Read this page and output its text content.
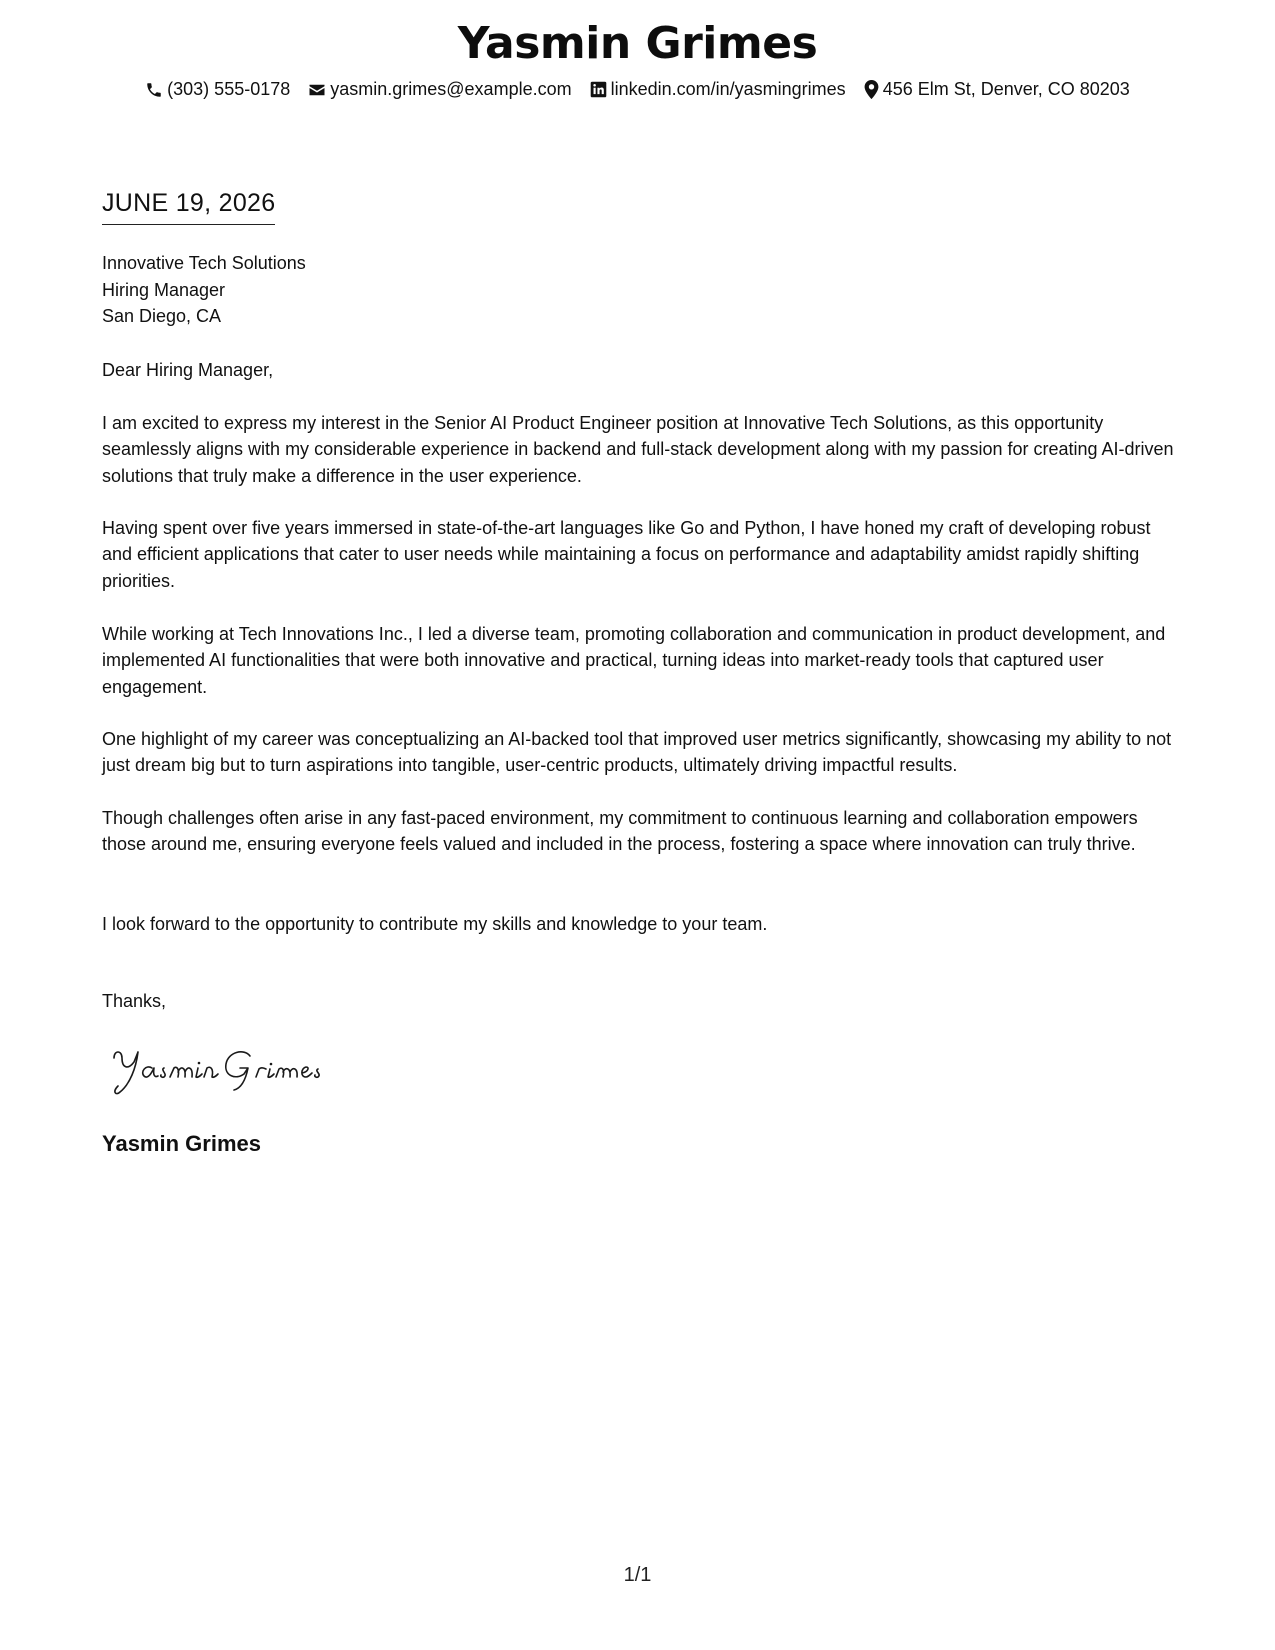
Yasmin Grimes
(303) 555-0178 yasmin.grimes@example.com linkedin.com/in/yasmingrimes 456 Elm St, Denver, CO 80203
JUNE 19, 2026
Innovative Tech Solutions
Hiring Manager
San Diego, CA
Dear Hiring Manager,

I am excited to express my interest in the Senior AI Product Engineer position at Innovative Tech Solutions, as this opportunity seamlessly aligns with my considerable experience in backend and full-stack development along with my passion for creating AI-driven solutions that truly make a difference in the user experience.

Having spent over five years immersed in state-of-the-art languages like Go and Python, I have honed my craft of developing robust and efficient applications that cater to user needs while maintaining a focus on performance and adaptability amidst rapidly shifting priorities.

While working at Tech Innovations Inc., I led a diverse team, promoting collaboration and communication in product development, and implemented AI functionalities that were both innovative and practical, turning ideas into market-ready tools that captured user engagement.

One highlight of my career was conceptualizing an AI-backed tool that improved user metrics significantly, showcasing my ability to not just dream big but to turn aspirations into tangible, user-centric products, ultimately driving impactful results.

Though challenges often arise in any fast-paced environment, my commitment to continuous learning and collaboration empowers those around me, ensuring everyone feels valued and included in the process, fostering a space where innovation can truly thrive.

I look forward to the opportunity to contribute my skills and knowledge to your team.

Thanks,
Yasmin Grimes
1/1
